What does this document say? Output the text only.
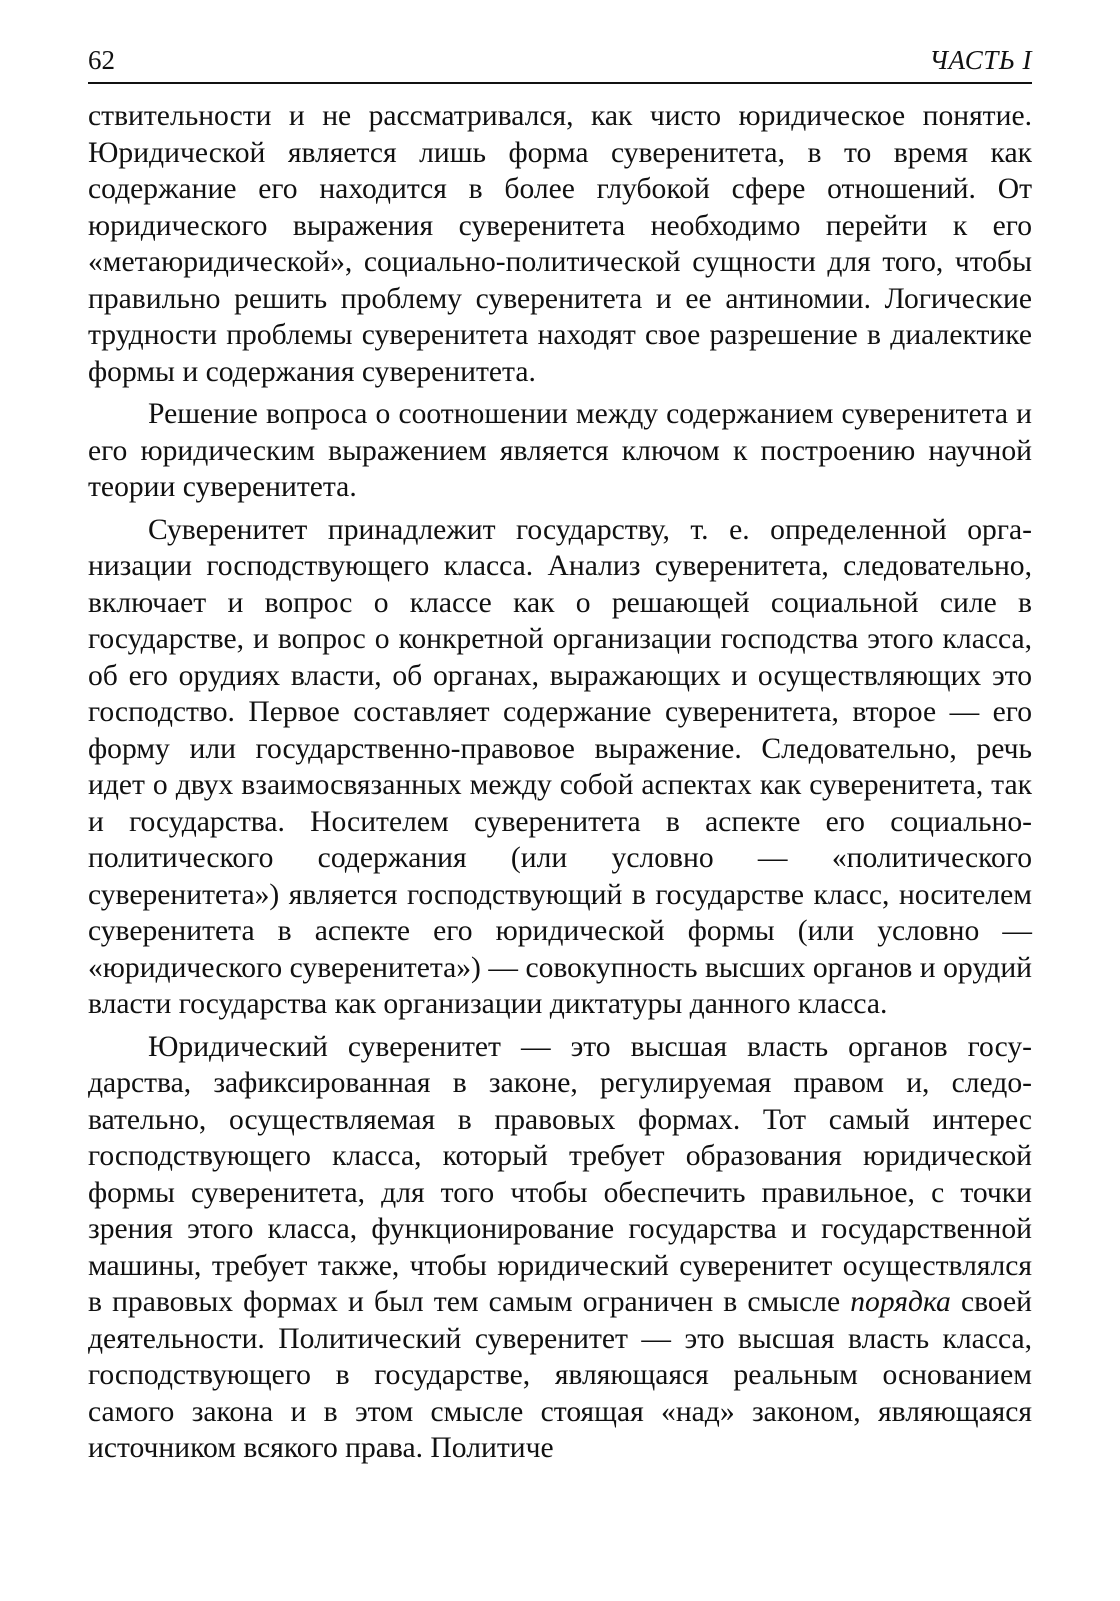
62	ЧАСТЬ I

ствительности и не рассматривался, как чисто юридическое понятие. Юридической является лишь форма суверенитета, в то время как содержание его находится в более глубокой сфере отношений. От юридического выражения суверенитета необходимо перейти к его «метаюридической», социально-политической сущности для того, чтобы правильно решить проблему суверенитета и ее антиномии. Логические трудности проблемы суверенитета находят свое разрешение в диалектике формы и содержания суверенитета.

Решение вопроса о соотношении между содержанием суверенитета и его юридическим выражением является ключом к построению научной теории суверенитета.

Суверенитет принадлежит государству, т. е. определенной организации господствующего класса. Анализ суверенитета, следовательно, включает и вопрос о классе как о решающей социальной силе в государстве, и вопрос о конкретной организации господства этого класса, об его орудиях власти, об органах, выражающих и осуществляющих это господство. Первое составляет содержание суверенитета, второе — его форму или государственно-правовое выражение. Следовательно, речь идет о двух взаимосвязанных между собой аспектах как суверенитета, так и государства. Носителем суверенитета в аспекте его социально-политического содержания (или условно — «политического суверенитета») является господствующий в государстве класс, носителем суверенитета в аспекте его юридической формы (или условно — «юридического суверенитета») — совокупность высших органов и орудий власти государства как организации диктатуры данного класса.

Юридический суверенитет — это высшая власть органов государства, зафиксированная в законе, регулируемая правом и, следовательно, осуществляемая в правовых формах. Тот самый интерес господствующего класса, который требует образования юридической формы суверенитета, для того чтобы обеспечить правильное, с точки зрения этого класса, функционирование государства и государственной машины, требует также, чтобы юридический суверенитет осуществлялся в правовых формах и был тем самым ограничен в смысле порядка своей деятельности. Политический суверенитет — это высшая власть класса, господствующего в государстве, являющаяся реальным основанием самого закона и в этом смысле стоящая «над» законом, являющаяся источником всякого права. Политиче
